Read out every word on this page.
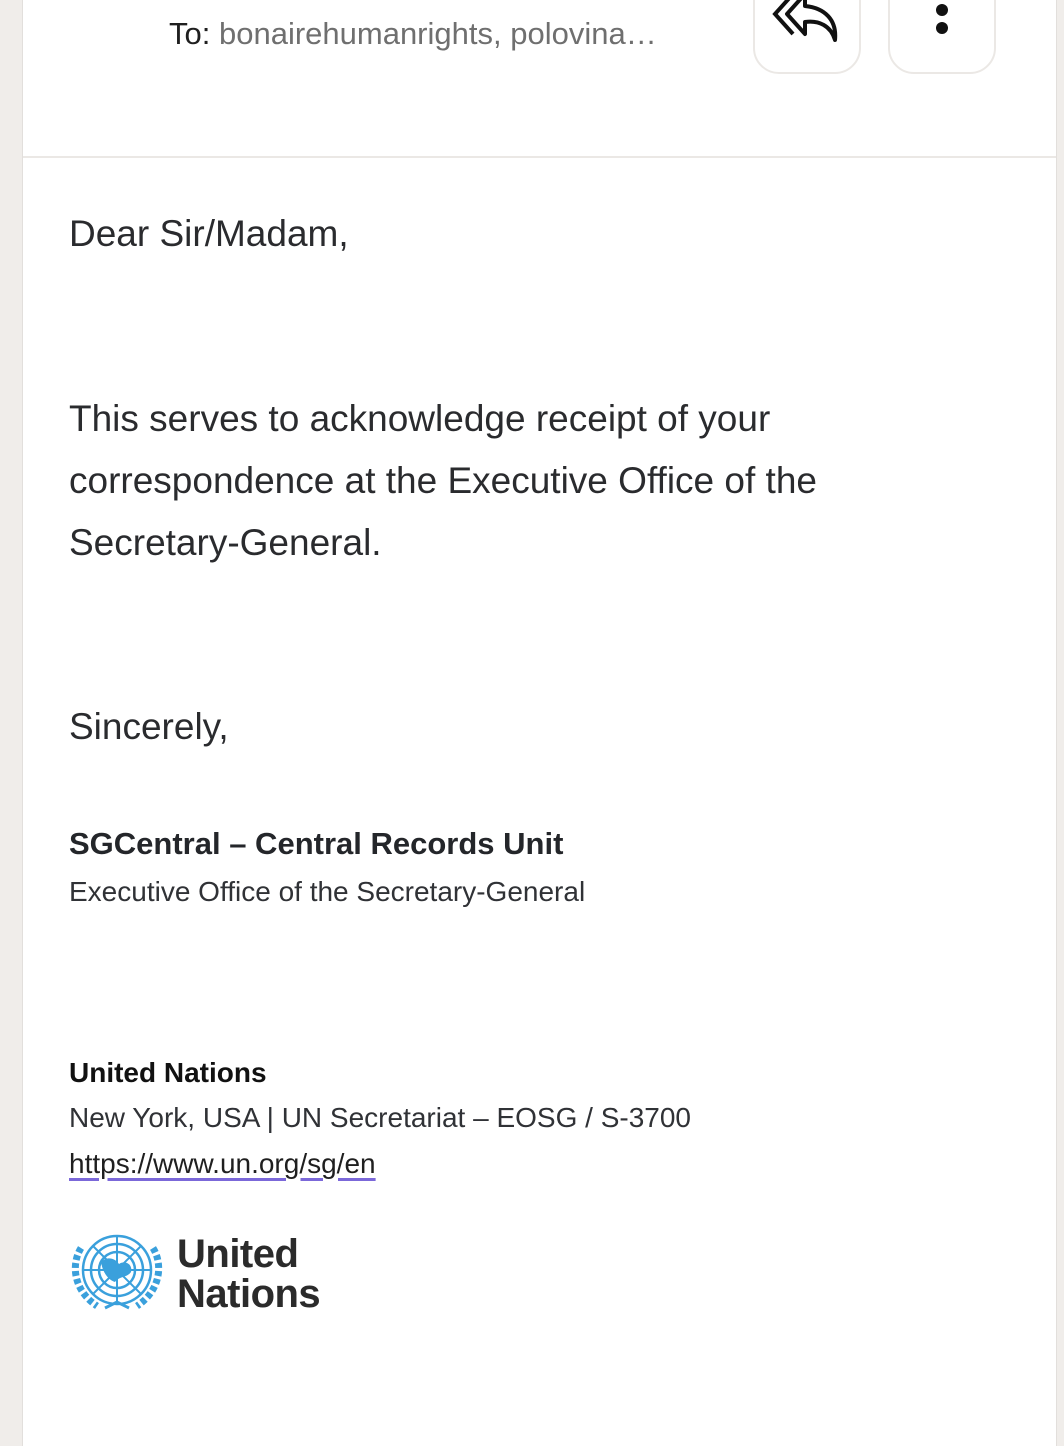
To: bonairehumanrights, polovina…
Dear Sir/Madam,
This serves to acknowledge receipt of your correspondence at the Executive Office of the Secretary-General.
Sincerely,
SGCentral – Central Records Unit
Executive Office of the Secretary-General
United Nations
New York, USA | UN Secretariat – EOSG / S-3700
https://www.un.org/sg/en
United
Nations
